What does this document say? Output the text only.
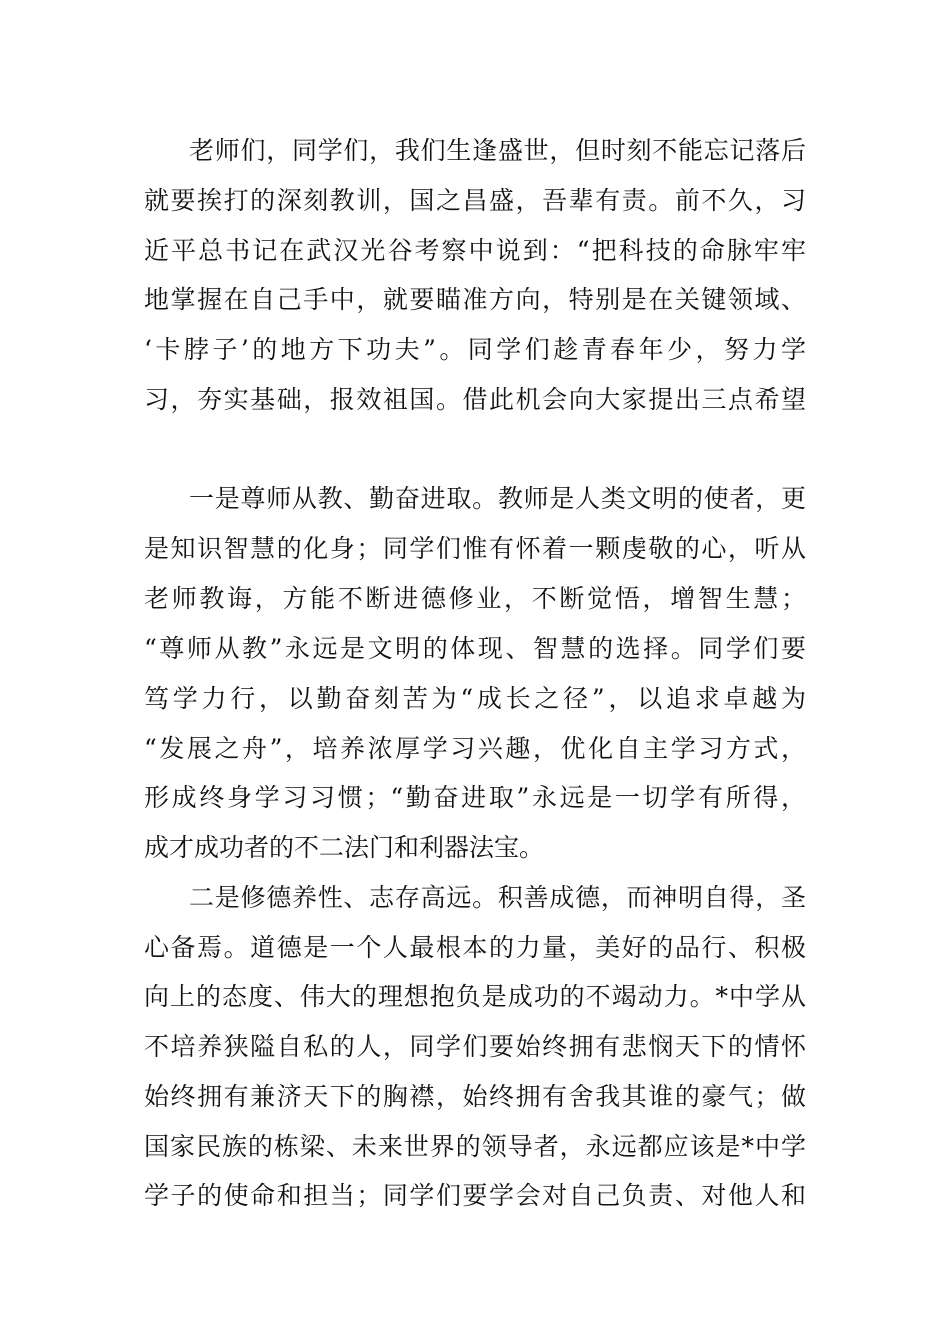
老师们，同学们，我们生逢盛世，但时刻不能忘记落后
就要挨打的深刻教训，国之昌盛，吾辈有责。前不久，习
近平总书记在武汉光谷考察中说到：“把科技的命脉牢牢
地掌握在自己手中，就要瞄准方向，特别是在关键领域、
‘卡脖子’的地方下功夫”。同学们趁青春年少，努力学
习，夯实基础，报效祖国。借此机会向大家提出三点希望
一是尊师从教、勤奋进取。教师是人类文明的使者，更
是知识智慧的化身；同学们惟有怀着一颗虔敬的心，听从
老师教诲，方能不断进德修业，不断觉悟，增智生慧；
“尊师从教”永远是文明的体现、智慧的选择。同学们要
笃学力行，以勤奋刻苦为“成长之径”，以追求卓越为
“发展之舟”，培养浓厚学习兴趣，优化自主学习方式，
形成终身学习习惯；“勤奋进取”永远是一切学有所得，
成才成功者的不二法门和利器法宝。
二是修德养性、志存高远。积善成德，而神明自得，圣
心备焉。道德是一个人最根本的力量，美好的品行、积极
向上的态度、伟大的理想抱负是成功的不竭动力。*中学从
不培养狭隘自私的人，同学们要始终拥有悲悯天下的情怀
始终拥有兼济天下的胸襟，始终拥有舍我其谁的豪气；做
国家民族的栋梁、未来世界的领导者，永远都应该是*中学
学子的使命和担当；同学们要学会对自己负责、对他人和
